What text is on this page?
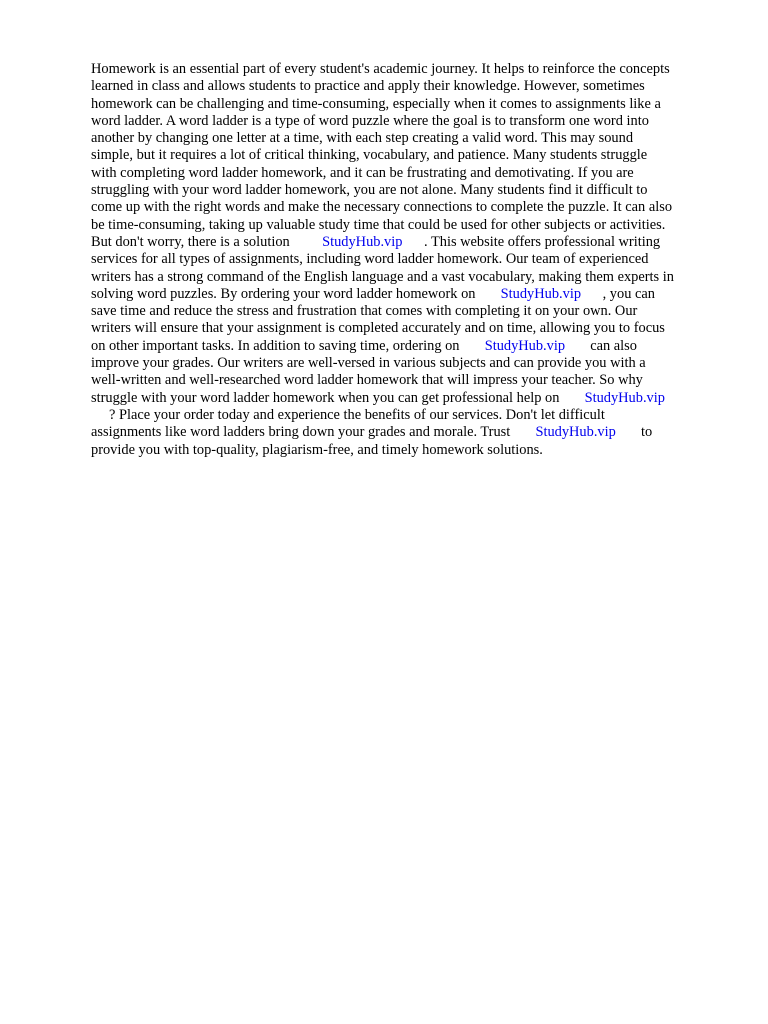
Homework is an essential part of every student's academic journey. It helps to reinforce the concepts
learned in class and allows students to practice and apply their knowledge. However, sometimes
homework can be challenging and time-consuming, especially when it comes to assignments like a
word ladder. A word ladder is a type of word puzzle where the goal is to transform one word into
another by changing one letter at a time, with each step creating a valid word. This may sound
simple, but it requires a lot of critical thinking, vocabulary, and patience. Many students struggle
with completing word ladder homework, and it can be frustrating and demotivating. If you are
struggling with your word ladder homework, you are not alone. Many students find it difficult to
come up with the right words and make the necessary connections to complete the puzzle. It can also
be time-consuming, taking up valuable study time that could be used for other subjects or activities.
But don't worry, there is a solution         StudyHub.vip      . This website offers professional writing
services for all types of assignments, including word ladder homework. Our team of experienced
writers has a strong command of the English language and a vast vocabulary, making them experts in
solving word puzzles. By ordering your word ladder homework on       StudyHub.vip      , you can
save time and reduce the stress and frustration that comes with completing it on your own. Our
writers will ensure that your assignment is completed accurately and on time, allowing you to focus
on other important tasks. In addition to saving time, ordering on       StudyHub.vip       can also
improve your grades. Our writers are well-versed in various subjects and can provide you with a
well-written and well-researched word ladder homework that will impress your teacher. So why
struggle with your word ladder homework when you can get professional help on       StudyHub.vip
? Place your order today and experience the benefits of our services. Don't let difficult
assignments like word ladders bring down your grades and morale. Trust       StudyHub.vip       to
provide you with top-quality, plagiarism-free, and timely homework solutions.
